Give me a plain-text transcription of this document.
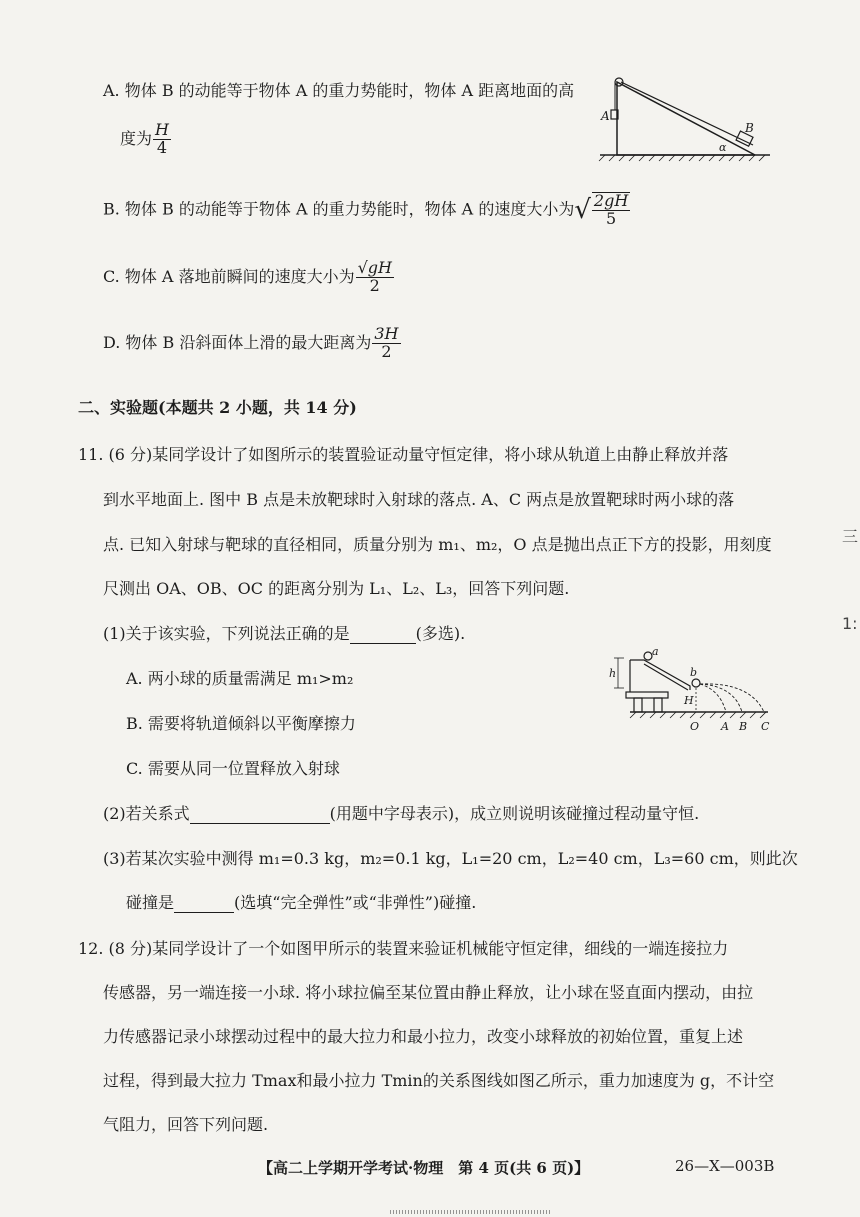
A. 物体 B 的动能等于物体 A 的重力势能时，物体 A 距离地面的高
度为 $\frac{H}{4}$
B. 物体 B 的动能等于物体 A 的重力势能时，物体 A 的速度大小为√ $\frac{2gH}{5}$
C. 物体 A 落地前瞬间的速度大小为 $\frac{√gH}{2}$
D. 物体 B 沿斜面体上滑的最大距离为 $\frac{3H}{2}$
A
B
α
二、实验题(本题共 2 小题，共 14 分)
11. (6 分)某同学设计了如图所示的装置验证动量守恒定律，将小球从轨道上由静止释放并落
到水平地面上. 图中 B 点是未放靶球时入射球的落点. A、C 两点是放置靶球时两小球的落
点. 已知入射球与靶球的直径相同，质量分别为 m₁、m₂，O 点是抛出点正下方的投影，用刻度
尺测出 OA、OB、OC 的距离分别为 L₁、L₂、L₃，回答下列问题.
(1)关于该实验，下列说法正确的是	(多选).
A. 两小球的质量需满足 m₁>m₂
B. 需要将轨道倾斜以平衡摩擦力
C. 需要从同一位置释放入射球
(2)若关系式	(用题中字母表示)，成立则说明该碰撞过程动量守恒.
(3)若某次实验中测得 m₁=0.3 kg，m₂=0.1 kg，L₁=20 cm，L₂=40 cm，L₃=60 cm，则此次
碰撞是	(选填“完全弹性”或“非弹性”)碰撞.
a
b
h
H
O A B C
12. (8 分)某同学设计了一个如图甲所示的装置来验证机械能守恒定律，细线的一端连接拉力
传感器，另一端连接一小球. 将小球拉偏至某位置由静止释放，让小球在竖直面内摆动，由拉
力传感器记录小球摆动过程中的最大拉力和最小拉力，改变小球释放的初始位置，重复上述
过程，得到最大拉力 Tmax和最小拉力 Tmin的关系图线如图乙所示，重力加速度为 g，不计空
气阻力，回答下列问题.
【高二上学期开学考试·物理　第 4 页(共 6 页)】	26—X—003B
三
1:
